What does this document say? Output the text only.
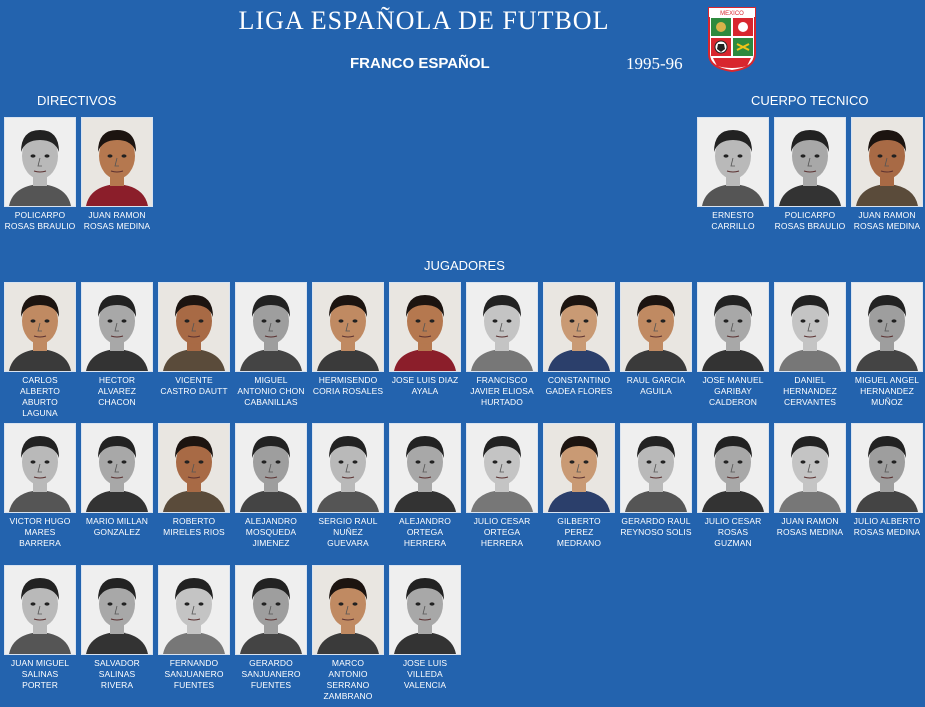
LIGA ESPAÑOLA DE FUTBOL
FRANCO ESPAÑOL	1995-96
MEXICO
DIRECTIVOS	CUERPO TECNICO
JUGADORES
POLICARPO
ROSAS BRAULIO
JUAN RAMON
ROSAS MEDINA
ERNESTO
CARRILLO
POLICARPO
ROSAS BRAULIO
JUAN RAMON
ROSAS MEDINA
CARLOS
ALBERTO
ABURTO
LAGUNA
HECTOR
ALVAREZ
CHACON
VICENTE
CASTRO DAUTT
MIGUEL
ANTONIO CHON
CABANILLAS
HERMISENDO
CORIA ROSALES
JOSE LUIS DIAZ
AYALA
FRANCISCO
JAVIER ELIOSA
HURTADO
CONSTANTINO
GADEA FLORES
RAUL GARCIA
AGUILA
JOSE MANUEL
GARIBAY
CALDERON
DANIEL
HERNANDEZ
CERVANTES
MIGUEL ANGEL
HERNANDEZ
MUÑOZ
VICTOR HUGO
MARES
BARRERA
MARIO MILLAN
GONZALEZ
ROBERTO
MIRELES RIOS
ALEJANDRO
MOSQUEDA
JIMENEZ
SERGIO RAUL
NUÑEZ
GUEVARA
ALEJANDRO
ORTEGA
HERRERA
JULIO CESAR
ORTEGA
HERRERA
GILBERTO
PEREZ
MEDRANO
GERARDO RAUL
REYNOSO SOLIS
JULIO CESAR
ROSAS
GUZMAN
JUAN RAMON
ROSAS MEDINA
JULIO ALBERTO
ROSAS MEDINA
JUAN MIGUEL
SALINAS
PORTER
SALVADOR
SALINAS
RIVERA
FERNANDO
SANJUANERO
FUENTES
GERARDO
SANJUANERO
FUENTES
MARCO
ANTONIO
SERRANO
ZAMBRANO
JOSE LUIS
VILLEDA
VALENCIA
